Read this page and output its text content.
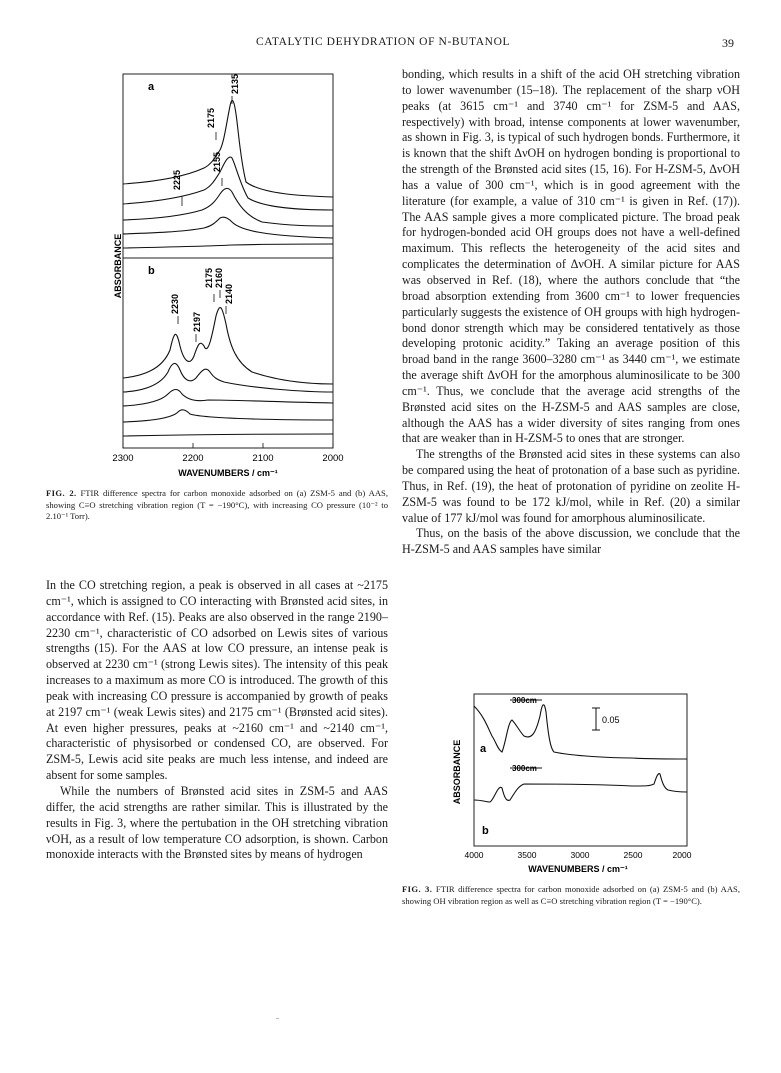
CATALYTIC DEHYDRATION OF N-BUTANOL	39
ABSORBANCE
a
b
2225
2175
2155
2135
2230
2197
2175 2160
2140
2300	2200	2100	2000
WAVENUMBERS / cm⁻¹
FIG. 2. FTIR difference spectra for carbon monoxide adsorbed on (a) ZSM-5 and (b) AAS, showing C≡O stretching vibration region (T = −190°C), with increasing CO pressure (10⁻² to 2.10⁻¹ Torr).

In the CO stretching region, a peak is observed in all cases at ~2175 cm⁻¹, which is assigned to CO interacting with Brønsted acid sites, in accordance with Ref. (15). Peaks are also observed in the range 2190–2230 cm⁻¹, characteristic of CO adsorbed on Lewis sites of various strengths (15). For the AAS at low CO pressure, an intense peak is observed at 2230 cm⁻¹ (strong Lewis sites). The intensity of this peak increases to a maximum as more CO is introduced. The growth of this peak with increasing CO pressure is accompanied by growth of peaks at 2197 cm⁻¹ (weak Lewis sites) and 2175 cm⁻¹ (Brønsted acid sites). At even higher pressures, peaks at ~2160 cm⁻¹ and ~2140 cm⁻¹, characteristic of physisorbed or condensed CO, are observed. For ZSM-5, Lewis acid site peaks are much less intense, and indeed are absent for some samples.

While the numbers of Brønsted acid sites in ZSM-5 and AAS differ, the acid strengths are rather similar. This is illustrated by the results in Fig. 3, where the pertubation in the OH stretching vibration νOH, as a result of low temperature CO adsorption, is shown. Carbon monoxide interacts with the Brønsted sites by means of hydrogen

bonding, which results in a shift of the acid OH stretching vibration to lower wavenumber (15–18). The replacement of the sharp νOH peaks (at 3615 cm⁻¹ and 3740 cm⁻¹ for ZSM-5 and AAS, respectively) with broad, intense components at lower wavenumber, as shown in Fig. 3, is typical of such hydrogen bonds. Furthermore, it is known that the shift ΔνOH on hydrogen bonding is proportional to the strength of the Brønsted acid sites (15, 16). For H-ZSM-5, ΔνOH has a value of 300 cm⁻¹, which is in good agreement with the literature (for example, a value of 310 cm⁻¹ is given in Ref. (17)). The AAS sample gives a more complicated picture. The broad peak for hydrogen-bonded acid OH groups does not have a well-defined maximum. This reflects the heterogeneity of the acid sites and complicates the determination of ΔνOH. A similar picture for AAS was observed in Ref. (18), where the authors conclude that “the broad absorption extending from 3600 cm⁻¹ to lower frequencies particularly suggests the existence of OH groups with high hydrogen-bond donor strength which may be considered tentatively as those developing protonic acidity.” Taking an average position of this broad band in the range 3600–3280 cm⁻¹ as 3440 cm⁻¹, we estimate the average shift ΔνOH for the amorphous aluminosilicate to be 300 cm⁻¹. Thus, we conclude that the average acid strengths of the Brønsted acid sites on the H-ZSM-5 and AAS samples are close, although the AAS has a wider diversity of sites ranging from ones that are weaker than in H-ZSM-5 to ones that are stronger.

The strengths of the Brønsted acid sites in these systems can also be compared using the heat of protonation of a base such as pyridine. Thus, in Ref. (19), the heat of protonation of pyridine on zeolite H-ZSM-5 was found to be 172 kJ/mol, while in Ref. (20) a similar value of 177 kJ/mol was found for amorphous aluminosilicate.

Thus, on the basis of the above discussion, we conclude that the H-ZSM-5 and AAS samples have similar

ABSORBANCE
300cm
300cm
0.05
a
b
4000	3500	3000	2500	2000
WAVENUMBERS / cm⁻¹
FIG. 3. FTIR difference spectra for carbon monoxide adsorbed on (a) ZSM-5 and (b) AAS, showing OH vibration region as well as C≡O stretching vibration region (T = −190°C).
